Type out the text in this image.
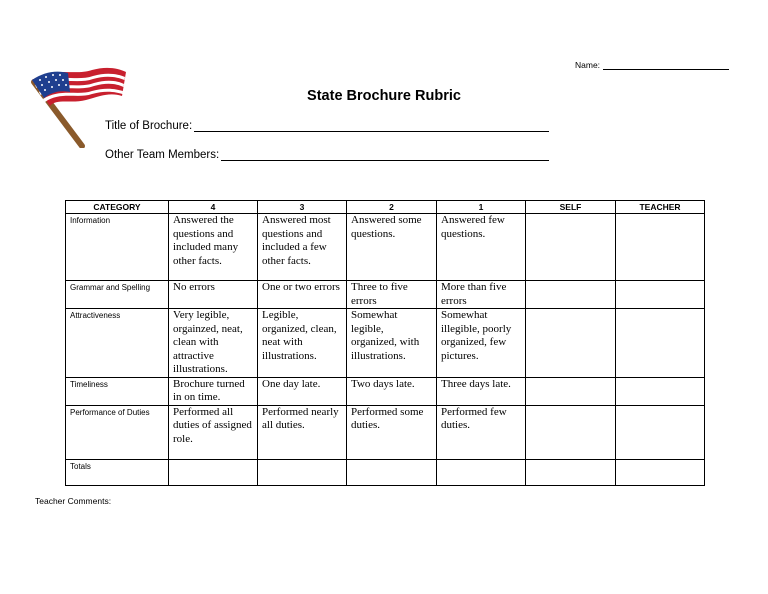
Name:
State Brochure Rubric
Title of Brochure:
Other Team Members:
CATEGORY	4	3	2	1	SELF	TEACHER
Information	Answered the questions and included many other facts.	Answered most questions and included a few other facts.	Answered some questions.	Answered few questions.		
Grammar and Spelling	No errors	One or two errors	Three to five errors	More than five errors		
Attractiveness	Very legible, orgainzed, neat, clean with attractive illustrations.	Legible, organized, clean, neat with illustrations.	Somewhat legible, organized, with illustrations.	Somewhat illegible, poorly organized, few pictures.		
Timeliness	Brochure turned in on time.	One day late.	Two days late.	Three days late.		
Performance of Duties	Performed all duties of assigned role.	Performed nearly all duties.	Performed some duties.	Performed few duties.		
Totals						
Teacher Comments:
